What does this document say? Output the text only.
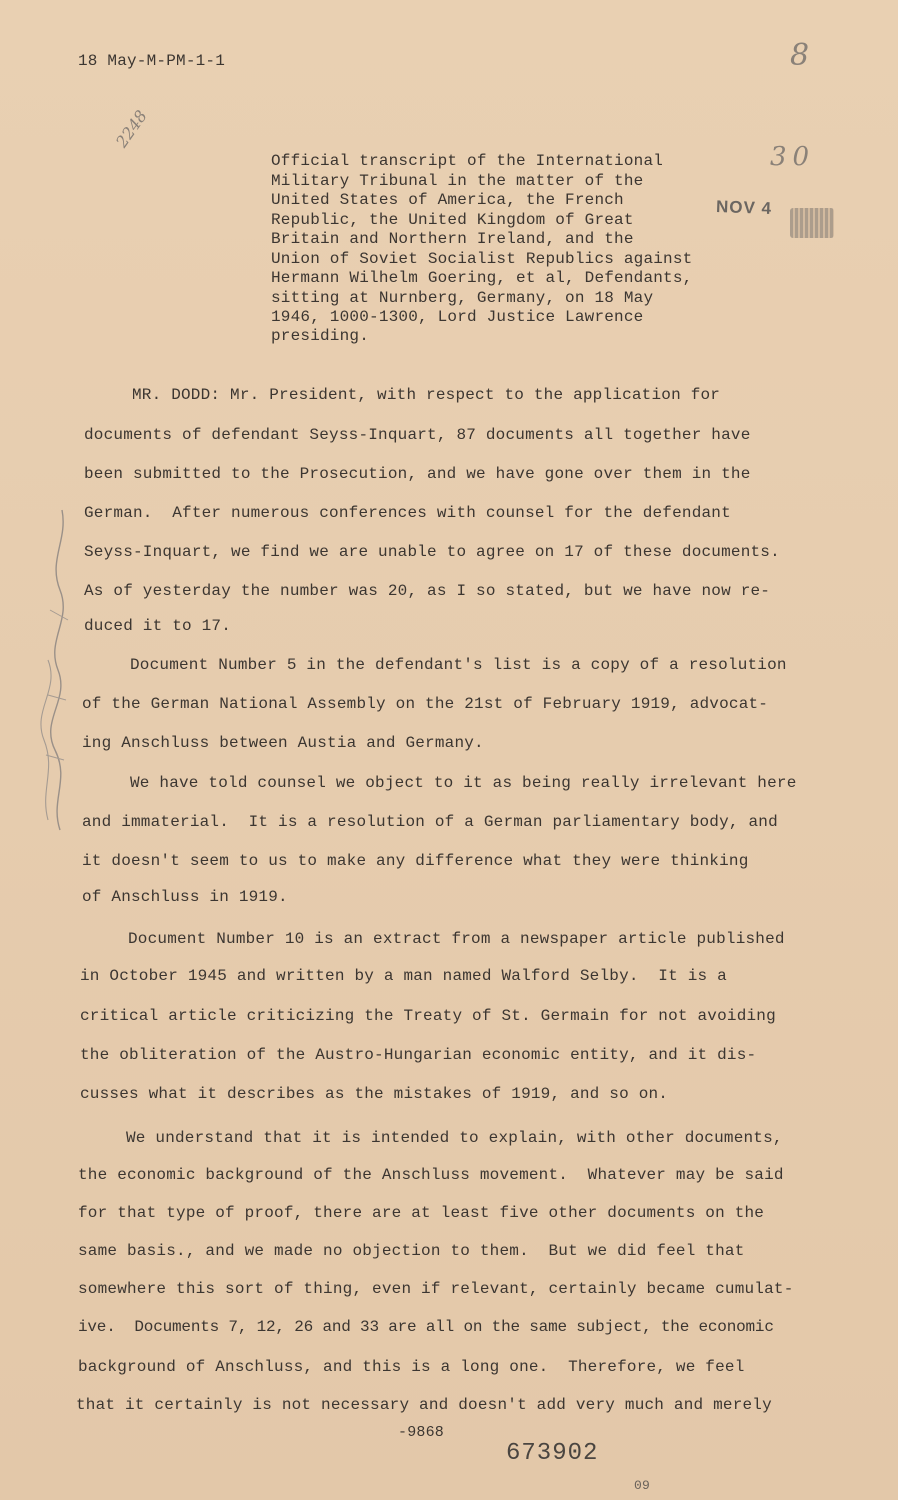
18 May-M-PM-1-1	8
30
2248
NOV 4
Official transcript of the International
Military Tribunal in the matter of the
United States of America, the French
Republic, the United Kingdom of Great
Britain and Northern Ireland, and the
Union of Soviet Socialist Republics against
Hermann Wilhelm Goering, et al, Defendants,
sitting at Nurnberg, Germany, on 18 May
1946, 1000-1300, Lord Justice Lawrence
presiding.
MR. DODD: Mr. President, with respect to the application for
documents of defendant Seyss-Inquart, 87 documents all together have
been submitted to the Prosecution, and we have gone over them in the
German.  After numerous conferences with counsel for the defendant
Seyss-Inquart, we find we are unable to agree on 17 of these documents.
As of yesterday the number was 20, as I so stated, but we have now re-
duced it to 17.
Document Number 5 in the defendant's list is a copy of a resolution
of the German National Assembly on the 21st of February 1919, advocat-
ing Anschluss between Austia and Germany.
We have told counsel we object to it as being really irrelevant here
and immaterial.  It is a resolution of a German parliamentary body, and
it doesn't seem to us to make any difference what they were thinking
of Anschluss in 1919.
Document Number 10 is an extract from a newspaper article published
in October 1945 and written by a man named Walford Selby.  It is a
critical article criticizing the Treaty of St. Germain for not avoiding
the obliteration of the Austro-Hungarian economic entity, and it dis-
cusses what it describes as the mistakes of 1919, and so on.
We understand that it is intended to explain, with other documents,
the economic background of the Anschluss movement.  Whatever may be said
for that type of proof, there are at least five other documents on the
same basis., and we made no objection to them.  But we did feel that
somewhere this sort of thing, even if relevant, certainly became cumulat-
ive.  Documents 7, 12, 26 and 33 are all on the same subject, the economic
background of Anschluss, and this is a long one.  Therefore, we feel
that it certainly is not necessary and doesn't add very much and merely
-9868
673902
09
